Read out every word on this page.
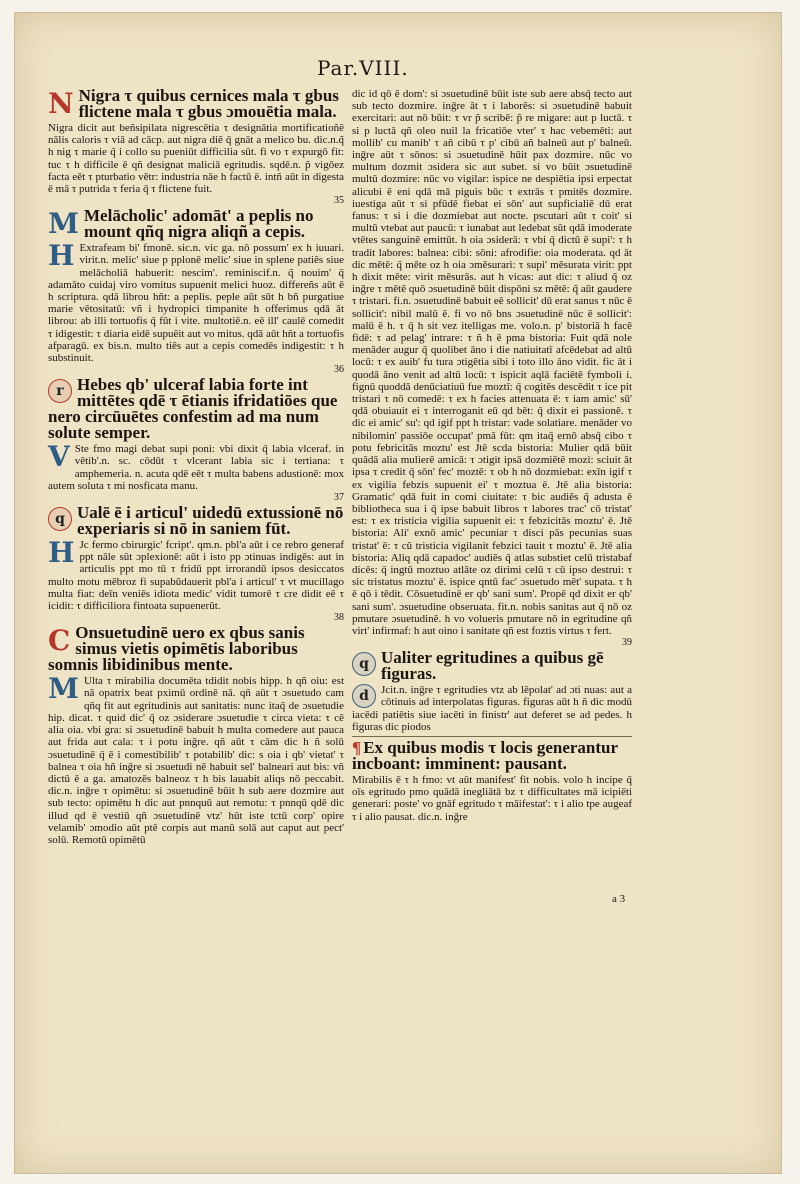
Par.VIII.
N Nigra τ quibus cernices mala τ gbus flictene mala τ gbus ɔmouētia mala.
Nigra dicit aut beñsipilata nigrescētia τ designātia mortificatioñē nālis caloris τ viā ad cācp. aut nigra diē q̄ gnāt a melico bu. dic.n.q̃ h nig τ marie q̃ i collo su pueniūt difficilia sūt. fi vo τ expurgō fit: tuc τ h difficile ē qñ designat maliciā egritudis. sqdē.n. p̃ vigōez facta eēt τ pturbatio vētr: industria nāe h factū ē. intñ aūt in digesta ē mā τ putrida τ feria q̄ τ flictene fuit.
35
M Melācholic' adomāt' a peplis no mount qñq nigra aliqñ a cepis.
H Extrafeam bi' fmonē. sic.n. vic ga. nō possum' ex h iuuari. virit.n. melic' siue p pplonē melic' siue in splene patiēs siue melācholiā habuerit: nescim'. reminiscif.n. q̃ nouim' q̄ adamāto cuidaj viro vomitus supuenit melici huoz. differeñs aūt ē h scriptura. qdā librou hñt: a peplis. peple aūt sūt h bñ purgatiue marie vētositatū: vñ i hydropici timpanite h offerimus qdā āt librou: ab illi tortuofis q̄ fūt i vite. multotiē.n. eē ill' caulē comedit τ idigestit: τ diaria eidē supuēit aut vo mitus. qdā aūt hñt a tortuofis afparagū. ex bis.n. multo tiēs aut a cepis comedēs indigestit: τ h substinuit.
36
r Hebes qb' ulceraf labia forte int mittētes qdē τ ētianis ifridatiōes que nero circūuētes confestim ad ma num solute semper.
V Ste fmo magi debat supi poni: vbi dixit q̄ labia vlceraf. in vētib'.n. sc. cōdūt τ vlcerant labia sic i tertiana: τ amphemeria. n. acuta qdē eēt τ multa babens adustionē: mox autem soluta τ mi nosficata manu.
37
q Ualē ē i articul' uidedū extussionē nō experiaris si nō in saniem fūt.
H Jc fermo cbirurgic' fcript'. qm.n. pbl'a aūt i ce rebro generaf ppt nāle sūt ɔplexionē: aūt i isto pp ɔtinuas indigēs: aut in articulis ppt mo tū τ fridū ppt irrorandū ipsos desiccatos multo motu mēbroz fi supabūdauerit pbl'a i articul' τ vt mucillago multa fiat: deīn veniēs idiota medic' vidit tumorē τ cre didit eē τ icidit: τ difficiliora fintoata supuenerūt.
38
C Onsuetudinē uero ex qbus sanis simus vietis opimētis laboribus somnis libidinibus mente.
M Ulta τ mirabilia documēta tdidit nobis hipp. h qñ oiu: est nā opatrix beat pximū ordinē nā. qñ aūt τ ɔsuetudo cam qñq fit aut egritudinis aut sanitatis: nunc itaq̄ de ɔsuetudie hip. dicat. τ quid dic' q̄ oz ɔsiderare ɔsuetudie τ circa vieta: τ cē alia oia. vbi gra: si ɔsuetudinē babuit h multa comedere aut pauca aut frida aut cala: τ i potu inḡre. qñ aūt τ cām dic h ñ solū ɔsuetudinē q̄ ē i comestibilib' τ potabilib' dic: s oia i qb' vietat' τ balnea τ oia hñ inḡre si ɔsuetudi nē habuit sel' balneari aut bis: vñ dictū ē a ga. amatozēs balneoz τ h bis lauabit aliqs nō peccabit. dic.n. inḡre τ opimētu: si ɔsuetudinē būit h sub aere dozmire aut sub tecto: opimētu h dic aut pnnquū aut remotu: τ pnnqū qdē dic illud qd ē vestiū qñ ɔsuetudinē vtz' hūt iste tctū corp' opire velamib' ɔmodio aūt ptē corpis aut manū solā aut caput aut pect' solū. Remotū opimētū
dic id qō ē dom': si ɔsuetudinē būit iste sub aere absq̄ tecto aut sub tecto dozmire. inḡre āt τ i laborēs: si ɔsuetudinē babuit exercitari: aut nō būit: τ vr p̃ scribē: p̃ re migare: aut p luctā. τ si p luctā qñ oleo nuil la fricatiōe vter' τ hac vebemēti: aut mollib' cu manib' τ añ cibū τ p' cibū añ balneū aut p' balneū. inḡre aūt τ sōnos: si ɔsuetudinē hūit pax dozmire. nūc vo multum dozmit ɔsidera sic aut subet. si vo būit ɔsuetudinē multū dozmire: nūc vo vigilar: ispice ne despiētia ipsi erpectat alicubi ē eni qdā mā piguis būc τ extrās τ pmitēs dozmire. iuestiga aūt τ si pfūdē fiebat ei sōn' aut supficialiē dū erat fanus: τ si i die dozmiebat aut nocte. pscutari aūt τ coit' si multū vtebat aut paucū: τ iunabat aut ledebat sūt qdā imoderate vtētes sanguinē emittūt. h oia ɔsiderā: τ vbi q̄ dictū ē supi': τ h tradit labores: balnea: cibi: sōni: afrodifie: oia moderata. qd āt dic mētē: q̃ mēte oz h oia ɔmēsurari: τ supi' mēsurata virit: ppt h dixit mēte: virit mēsurās. aut h vicas: aut dic: τ aliud q̃ oz inḡre τ mētē quō ɔsuetudinē būit dispōni sz mētē: q̃ aūt gaudere τ tristari. fi.n. ɔsuetudinē babuit eē sollicit' dū erat sanus τ nūc ē sollicit': nibil malū ē. fi vo nō bns ɔsuetudinē nūc ē sollicit': malū ē h. τ q̄ h sit vez itelligas me. volo.n. p' bistoriā h facē fidē: τ ad pelag' intrare: τ ñ h ē pma bistoria: Fuit qdā nole menāder augur q̄ quolibet āno i die natiuitatī afcēdebat ad altū locū: τ ex auib' fu tura ɔtigētia sibi i toto illo āno vidit. fic āt i quodā āno venit ad altū locū: τ ispicit aqlā faciētē fymboli i. fignū quoddā denūciatiuū fue moztī: q̄ cogitēs descēdit τ ice pit tristari τ nō comedē: τ ex h facies attenuata ē: τ iam amic' sū' qdā obuiauit ei τ interroganit eū qd bēt: q̄ dixit ei passionē. τ dic ei amic' su': qd igif ppt h tristar: vade solatiare. menāder vo nibilomin' passiōe occupat' pmā fūt: qm itaq̄ ernō absq̄ cibo τ potu febricitās moztu' est Jtē scda bistoria: Mulier qdā būit quādā alia mulierē amicā: τ ɔtigit ipsā dozmiētē mozi: sciuit āt ipsa τ credit q̄ sōn' fec' moztē: τ ob h nō dozmiebat: exīn igif τ ex vigilia febzis supuenit ei' τ moztua ē. Jtē alia bistoria: Gramatic' qdā fuit in comi ciuitate: τ bic audiēs q̄ adusta ē bibliotheca sua i q̄ ipse babuit libros τ labores trac' cō tristat' est: τ ex tristicia vigilia supuenit ei: τ febzicitās moztu' ē. Jtē bistoria: Ali' exnō amic' pecuniar τ disci pās pecunias suas tristat' ē: τ cū tristicia vigilanit febzici tauit τ moztu' ē. Jtē alia bistoria: Aliq qdā capadoc' audiēs q̄ atlas substiet celū tristabaf dicēs: q̄ ingtū moztuo atlāte oz dirimi celū τ cū ipso destrui: τ sic tristatus moztu' ē. ispice qntū fac' ɔsuetudo mēt' supata. τ h ē qō i tēdit. Cōsuetudinē er qb' sani sum'. Propē qd dixit er qb' sani sum'. ɔsuetudine obseruata. fit.n. nobis sanitas aut q̄ nō oz pmutare ɔsuetudinē. h vo volueris pmutare nō in egritudine qñ virt' infirmaf: h aut oino i sanitate qñ est foztis virtus τ fert.
39
q Ualiter egritudines a quibus gē figuras.
d	Jcit.n. inḡre τ egritudies vtz ab lēpolat' ad ɔti nuas: aut a cōtinuis ad interpolatas figuras. figuras aūt h ñ dic modū iacēdi patiētis siue iacēti in finistr' aut deferet se ad pedes. h figuras dic piodos
¶ Ex quibus modis τ locis generantur incboant: imminent: pausant.
Mirabilis ē τ h fmo: vt aūt manifest' fit nobis. volo h incipe q̄ oīs egritudo pmo quādā inegliātā bz τ difficultates mā icipiēti generari: poste' vo gnāf egritudo τ māifestat': τ i alio tpe augeaf τ i alio pausat. dic.n. inḡre
a 3
